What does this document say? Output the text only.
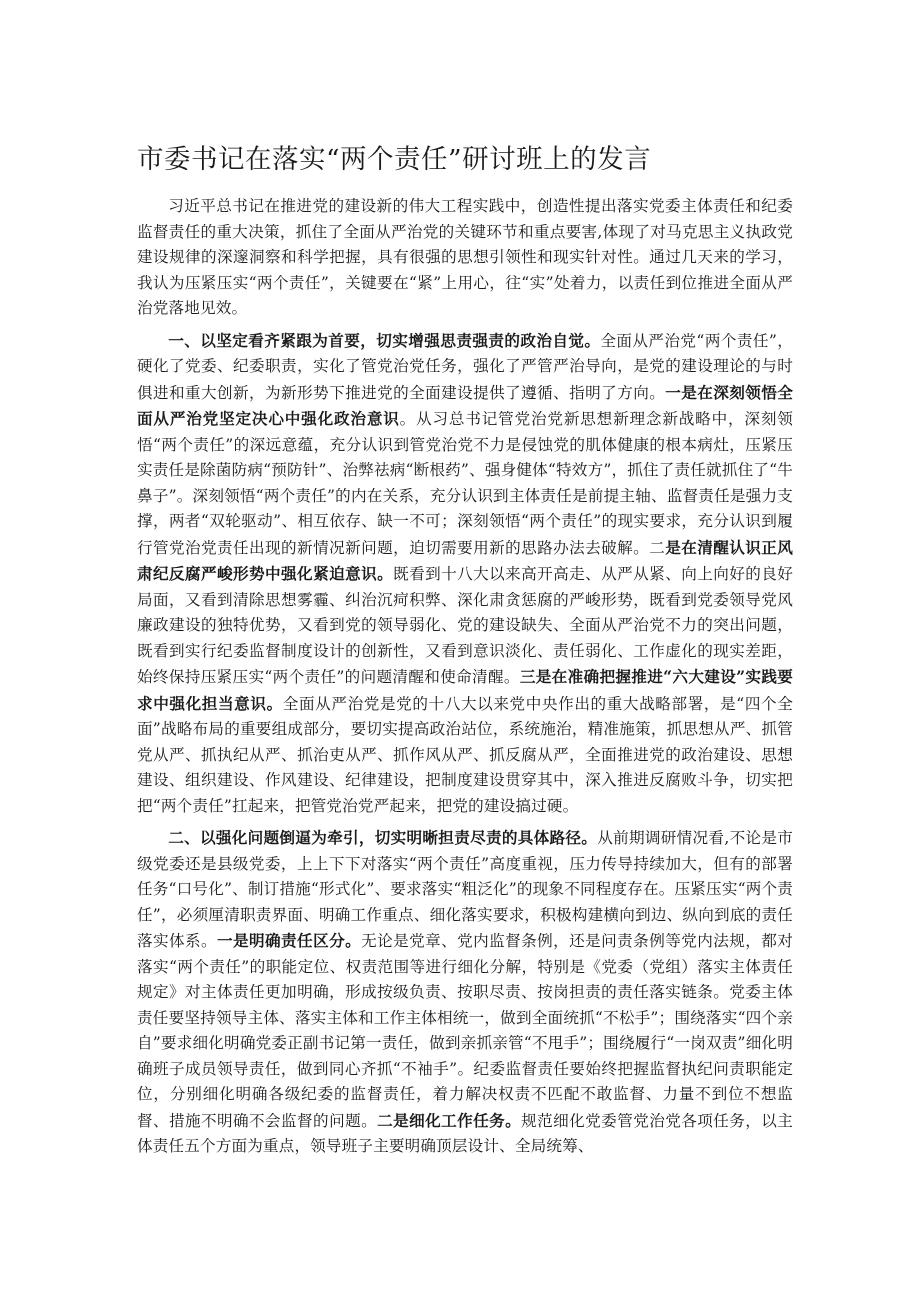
市委书记在落实“两个责任”研讨班上的发言

习近平总书记在推进党的建设新的伟大工程实践中，创造性提出落实党委主体责任和纪委监督责任的重大决策，抓住了全面从严治党的关键环节和重点要害,体现了对马克思主义执政党建设规律的深邃洞察和科学把握，具有很强的思想引领性和现实针对性。通过几天来的学习，我认为压紧压实“两个责任”，关键要在“紧”上用心，往“实”处着力，以责任到位推进全面从严治党落地见效。

一、以坚定看齐紧跟为首要，切实增强思责强责的政治自觉。全面从严治党“两个责任”，硬化了党委、纪委职责，实化了管党治党任务，强化了严管严治导向，是党的建设理论的与时俱进和重大创新，为新形势下推进党的全面建设提供了遵循、指明了方向。一是在深刻领悟全面从严治党坚定决心中强化政治意识。从习总书记管党治党新思想新理念新战略中，深刻领悟“两个责任”的深远意蕴，充分认识到管党治党不力是侵蚀党的肌体健康的根本病灶，压紧压实责任是除菌防病“预防针”、治弊祛病“断根药”、强身健体“特效方”，抓住了责任就抓住了“牛鼻子”。深刻领悟“两个责任”的内在关系，充分认识到主体责任是前提主轴、监督责任是强力支撑，两者“双轮驱动”、相互依存、缺一不可；深刻领悟“两个责任”的现实要求，充分认识到履行管党治党责任出现的新情况新问题，迫切需要用新的思路办法去破解。二是在清醒认识正风肃纪反腐严峻形势中强化紧迫意识。既看到十八大以来高开高走、从严从紧、向上向好的良好局面，又看到清除思想雾霾、纠治沉疴积弊、深化肃贪惩腐的严峻形势，既看到党委领导党风廉政建设的独特优势，又看到党的领导弱化、党的建设缺失、全面从严治党不力的突出问题，既看到实行纪委监督制度设计的创新性，又看到意识淡化、责任弱化、工作虚化的现实差距，始终保持压紧压实“两个责任”的问题清醒和使命清醒。三是在准确把握推进“六大建设”实践要求中强化担当意识。全面从严治党是党的十八大以来党中央作出的重大战略部署，是“四个全面”战略布局的重要组成部分，要切实提高政治站位，系统施治，精准施策，抓思想从严、抓管党从严、抓执纪从严、抓治吏从严、抓作风从严、抓反腐从严，全面推进党的政治建设、思想建设、组织建设、作风建设、纪律建设，把制度建设贯穿其中，深入推进反腐败斗争，切实把把“两个责任”扛起来，把管党治党严起来，把党的建设搞过硬。

二、以强化问题倒逼为牵引，切实明晰担责尽责的具体路径。从前期调研情况看,不论是市级党委还是县级党委，上上下下对落实“两个责任”高度重视，压力传导持续加大，但有的部署任务“口号化”、制订措施“形式化”、要求落实“粗泛化”的现象不同程度存在。压紧压实“两个责任”，必须厘清职责界面、明确工作重点、细化落实要求，积极构建横向到边、纵向到底的责任落实体系。一是明确责任区分。无论是党章、党内监督条例，还是问责条例等党内法规，都对落实“两个责任”的职能定位、权责范围等进行细化分解，特别是《党委（党组）落实主体责任规定》对主体责任更加明确，形成按级负责、按职尽责、按岗担责的责任落实链条。党委主体责任要坚持领导主体、落实主体和工作主体相统一，做到全面统抓“不松手”；围绕落实“四个亲自”要求细化明确党委正副书记第一责任，做到亲抓亲管“不甩手”；围绕履行“一岗双责”细化明确班子成员领导责任，做到同心齐抓“不袖手”。纪委监督责任要始终把握监督执纪问责职能定位，分别细化明确各级纪委的监督责任，着力解决权责不匹配不敢监督、力量不到位不想监督、措施不明确不会监督的问题。二是细化工作任务。规范细化党委管党治党各项任务，以主体责任五个方面为重点，领导班子主要明确顶层设计、全局统筹、
